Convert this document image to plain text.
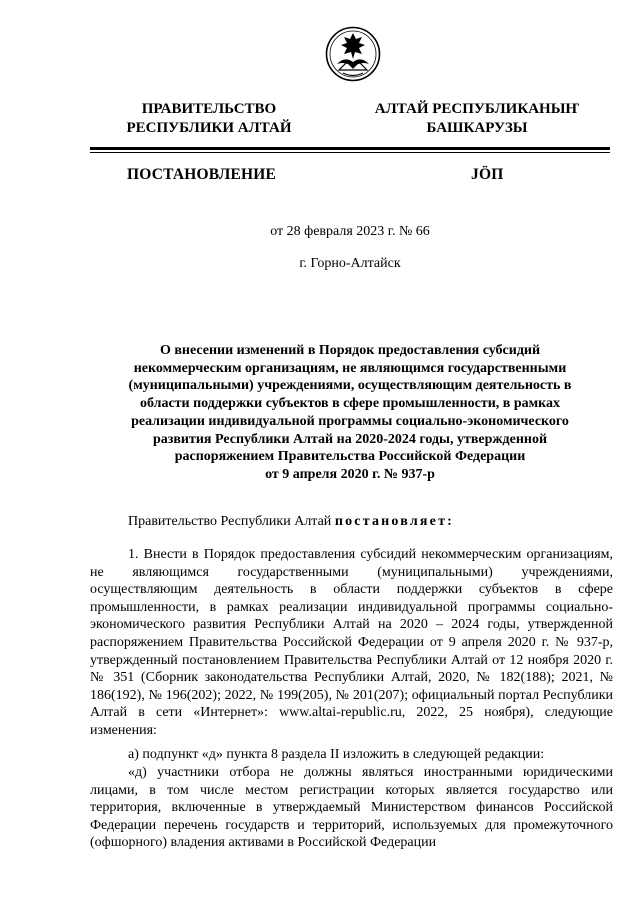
ПРАВИТЕЛЬСТВО
РЕСПУБЛИКИ АЛТАЙ
АЛТАЙ РЕСПУБЛИКАНЫҤ
БАШКАРУЗЫ
ПОСТАНОВЛЕНИЕ	JӦП
от 28 февраля 2023 г. № 66
г. Горно-Алтайск

О внесении изменений в Порядок предоставления субсидий
некоммерческим организациям, не являющимся государственными
(муниципальными) учреждениями, осуществляющим деятельность в
области поддержки субъектов в сфере промышленности, в рамках
реализации индивидуальной программы социально-экономического
развития Республики Алтай на 2020-2024 годы, утвержденной
распоряжением Правительства Российской Федерации
от 9 апреля 2020 г. № 937-р

Правительство Республики Алтай постановляет:

1. Внести в Порядок предоставления субсидий некоммерческим организациям, не являющимся государственными (муниципальными) учреждениями, осуществляющим деятельность в области поддержки субъектов в сфере промышленности, в рамках реализации индивидуальной программы социально-экономического развития Республики Алтай на 2020 – 2024 годы, утвержденной распоряжением Правительства Российской Федерации от 9 апреля 2020 г. № 937-р, утвержденный постановлением Правительства Республики Алтай от 12 ноября 2020 г. № 351 (Сборник законодательства Республики Алтай, 2020, № 182(188); 2021, № 186(192), № 196(202); 2022, № 199(205), № 201(207); официальный портал Республики Алтай в сети «Интернет»: www.altai-republic.ru, 2022, 25 ноября), следующие изменения:

а) подпункт «д» пункта 8 раздела II изложить в следующей редакции:

«д) участники отбора не должны являться иностранными юридическими лицами, в том числе местом регистрации которых является государство или территория, включенные в утверждаемый Министерством финансов Российской Федерации перечень государств и территорий, используемых для промежуточного (офшорного) владения активами в Российской Федерации
